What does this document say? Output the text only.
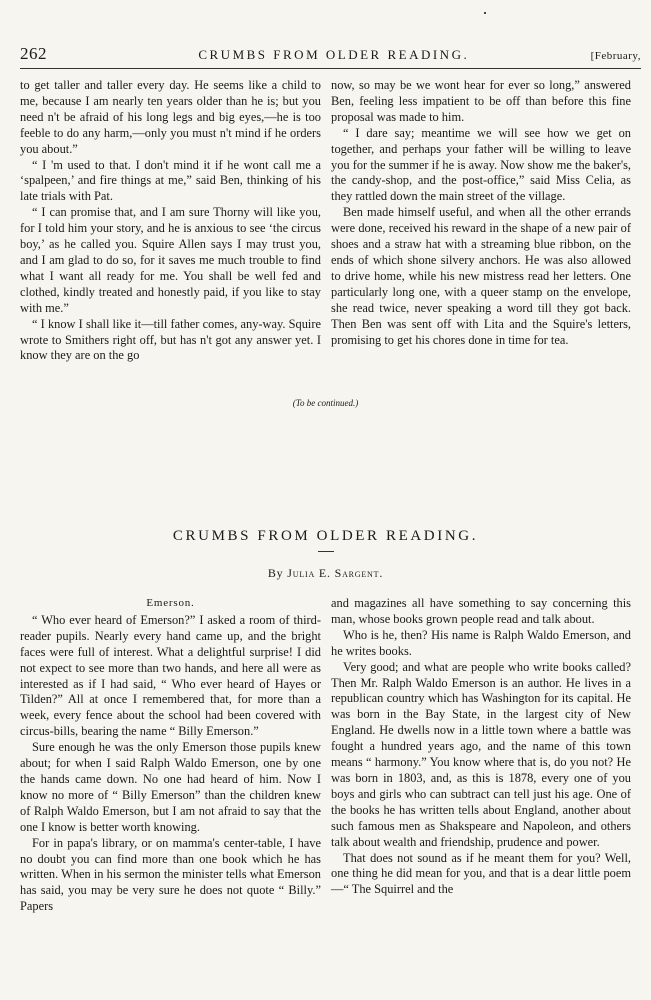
262	CRUMBS FROM OLDER READING.	[February,

to get taller and taller every day. He seems like a child to me, because I am nearly ten years older than he is; but you need n't be afraid of his long legs and big eyes,—he is too feeble to do any harm,—only you must n't mind if he orders you about.”

“ I 'm used to that. I don't mind it if he wont call me a ‘spalpeen,’ and fire things at me,” said Ben, thinking of his late trials with Pat.

“ I can promise that, and I am sure Thorny will like you, for I told him your story, and he is anxious to see ‘the circus boy,’ as he called you. Squire Allen says I may trust you, and I am glad to do so, for it saves me much trouble to find what I want all ready for me. You shall be well fed and clothed, kindly treated and honestly paid, if you like to stay with me.”

“ I know I shall like it—till father comes, any-way. Squire wrote to Smithers right off, but has n't got any answer yet. I know they are on the go

now, so may be we wont hear for ever so long,” answered Ben, feeling less impatient to be off than before this fine proposal was made to him.

“ I dare say; meantime we will see how we get on together, and perhaps your father will be willing to leave you for the summer if he is away. Now show me the baker's, the candy-shop, and the post-office,” said Miss Celia, as they rattled down the main street of the village.

Ben made himself useful, and when all the other errands were done, received his reward in the shape of a new pair of shoes and a straw hat with a streaming blue ribbon, on the ends of which shone silvery anchors. He was also allowed to drive home, while his new mistress read her letters. One particularly long one, with a queer stamp on the envelope, she read twice, never speaking a word till they got back. Then Ben was sent off with Lita and the Squire's letters, promising to get his chores done in time for tea.

(To be continued.)
CRUMBS FROM OLDER READING.
By Julia E. Sargent.

Emerson.

“ Who ever heard of Emerson?” I asked a room of third-reader pupils. Nearly every hand came up, and the bright faces were full of interest. What a delightful surprise! I did not expect to see more than two hands, and here all were as interested as if I had said, “ Who ever heard of Hayes or Tilden?” All at once I remembered that, for more than a week, every fence about the school had been covered with circus-bills, bearing the name “ Billy Emerson.”

Sure enough he was the only Emerson those pupils knew about; for when I said Ralph Waldo Emerson, one by one the hands came down. No one had heard of him. Now I know no more of “ Billy Emerson” than the children knew of Ralph Waldo Emerson, but I am not afraid to say that the one I know is better worth knowing.

For in papa's library, or on mamma's center-table, I have no doubt you can find more than one book which he has written. When in his sermon the minister tells what Emerson has said, you may be very sure he does not quote “ Billy.” Papers

and magazines all have something to say concerning this man, whose books grown people read and talk about.

Who is he, then? His name is Ralph Waldo Emerson, and he writes books.

Very good; and what are people who write books called? Then Mr. Ralph Waldo Emerson is an author. He lives in a republican country which has Washington for its capital. He was born in the Bay State, in the largest city of New England. He dwells now in a little town where a battle was fought a hundred years ago, and the name of this town means “ harmony.” You know where that is, do you not? He was born in 1803, and, as this is 1878, every one of you boys and girls who can subtract can tell just his age. One of the books he has written tells about England, another about such famous men as Shakspeare and Napoleon, and others talk about wealth and friendship, prudence and power.

That does not sound as if he meant them for you? Well, one thing he did mean for you, and that is a dear little poem—“ The Squirrel and the
